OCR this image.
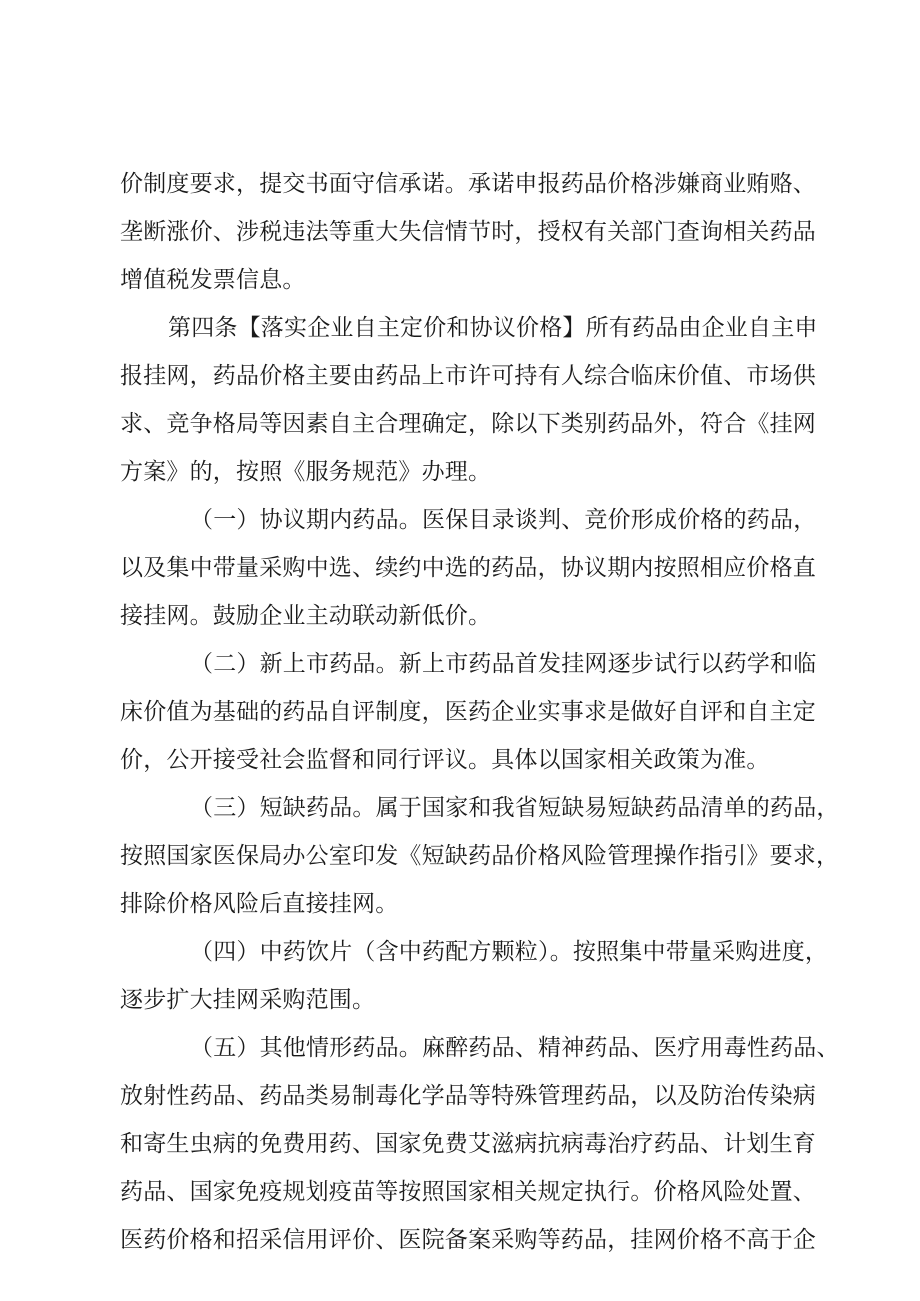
价制度要求，提交书面守信承诺。承诺申报药品价格涉嫌商业贿赂、
垄断涨价、涉税违法等重大失信情节时，授权有关部门查询相关药品
增值税发票信息。
第四条【落实企业自主定价和协议价格】所有药品由企业自主申
报挂网，药品价格主要由药品上市许可持有人综合临床价值、市场供
求、竞争格局等因素自主合理确定，除以下类别药品外，符合《挂网
方案》的，按照《服务规范》办理。
（一）协议期内药品。医保目录谈判、竞价形成价格的药品，
以及集中带量采购中选、续约中选的药品，协议期内按照相应价格直
接挂网。鼓励企业主动联动新低价。
（二）新上市药品。新上市药品首发挂网逐步试行以药学和临
床价值为基础的药品自评制度，医药企业实事求是做好自评和自主定
价，公开接受社会监督和同行评议。具体以国家相关政策为准。
（三）短缺药品。属于国家和我省短缺易短缺药品清单的药品，
按照国家医保局办公室印发《短缺药品价格风险管理操作指引》要求，
排除价格风险后直接挂网。
（四）中药饮片（含中药配方颗粒）。按照集中带量采购进度，
逐步扩大挂网采购范围。
（五）其他情形药品。麻醉药品、精神药品、医疗用毒性药品、
放射性药品、药品类易制毒化学品等特殊管理药品，以及防治传染病
和寄生虫病的免费用药、国家免费艾滋病抗病毒治疗药品、计划生育
药品、国家免疫规划疫苗等按照国家相关规定执行。价格风险处置、
医药价格和招采信用评价、医院备案采购等药品，挂网价格不高于企
